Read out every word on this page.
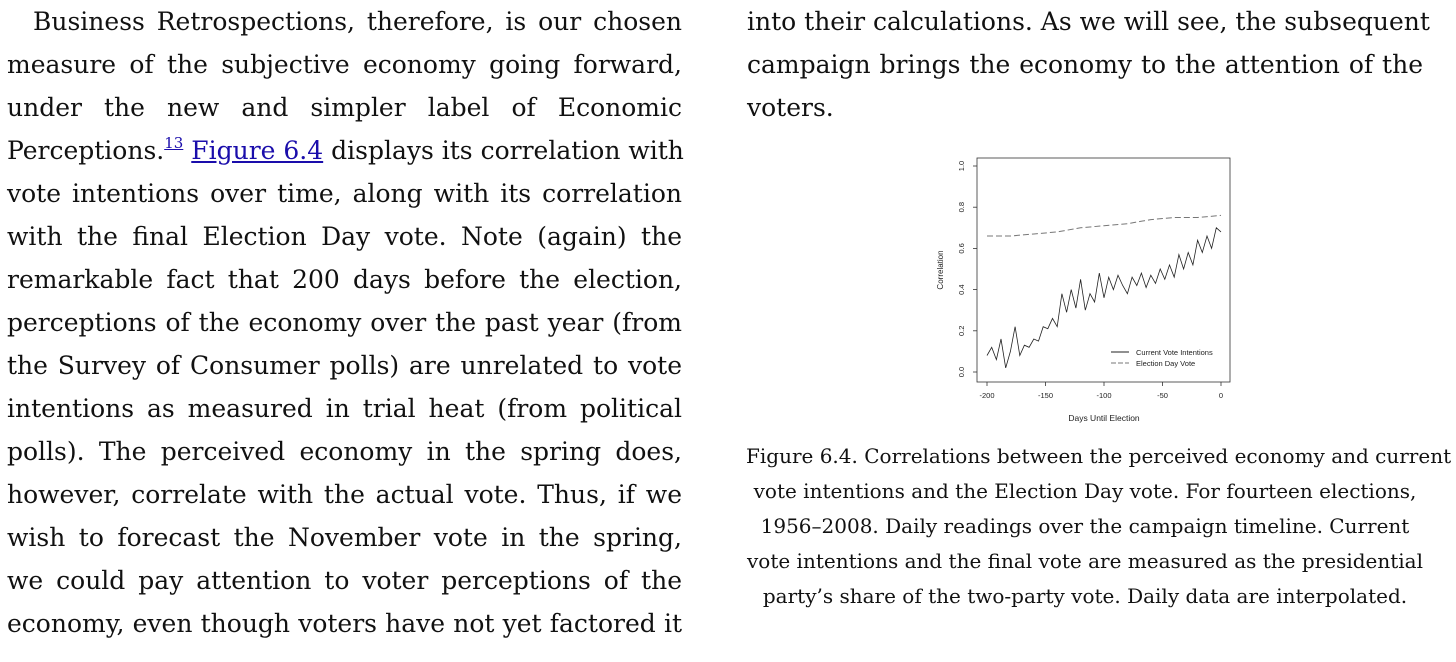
Business Retrospections, therefore, is our chosen
measure of the subjective economy going forward,
under the new and simpler label of Economic
Perceptions.$^{13}$ Figure 6.4 displays its correlation with
vote intentions over time, along with its correlation
with the final Election Day vote. Note (again) the
remarkable fact that 200 days before the election,
perceptions of the economy over the past year (from
the Survey of Consumer polls) are unrelated to vote
intentions as measured in trial heat (from political
polls). The perceived economy in the spring does,
however, correlate with the actual vote. Thus, if we
wish to forecast the November vote in the spring,
we could pay attention to voter perceptions of the
economy, even though voters have not yet factored it
into their calculations. As we will see, the subsequent
campaign brings the economy to the attention of the
voters.
0.0
0.2
0.4
0.6
0.8
1.0
-200	-150	-100	-50	0
Current Vote Intentions
Election Day Vote
Correlation
Days Until Election
Figure 6.4. Correlations between the perceived economy and current
vote intentions and the Election Day vote. For fourteen elections,
1956–2008. Daily readings over the campaign timeline. Current
vote intentions and the final vote are measured as the presidential
party’s share of the two-party vote. Daily data are interpolated.
